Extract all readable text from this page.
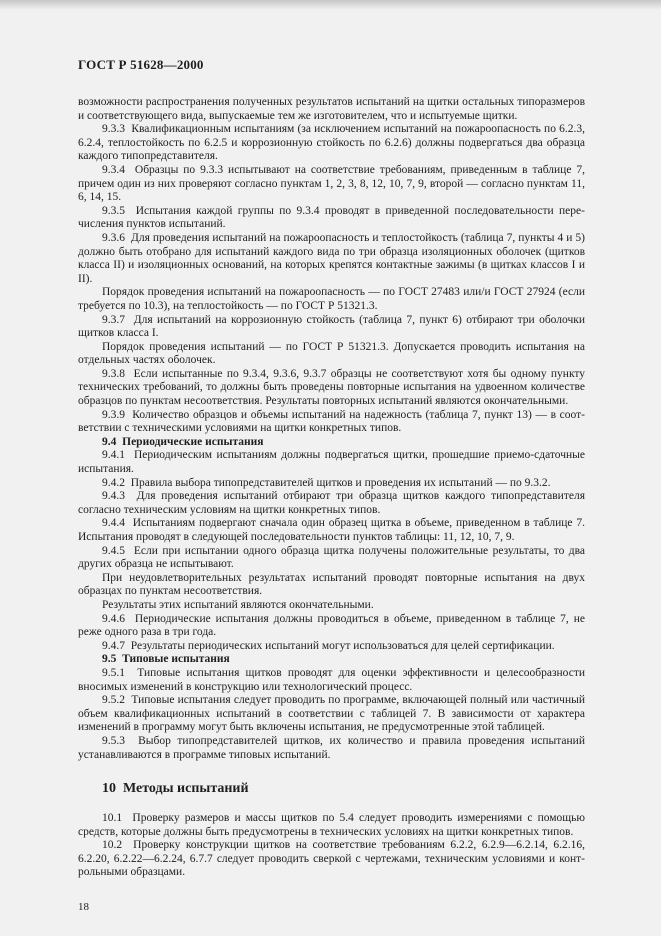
ГОСТ Р 51628—2000
возможности распространения полученных результатов испытаний на щитки остальных типоразмеров и соответствующего вида, выпускаемые тем же изготовителем, что и испытуемые щитки.
9.3.3  Квалификационным испытаниям (за исключением испытаний на пожароопасность по 6.2.3, 6.2.4, теплостойкость по 6.2.5 и коррозионную стойкость по 6.2.6) должны подвергаться два образца каждого типопредставителя.
9.3.4  Образцы по 9.3.3 испытывают на соответствие требованиям, приведенным в таблице 7, причем один из них проверяют согласно пунктам 1, 2, 3, 8, 12, 10, 7, 9, второй — согласно пунктам 11, 6, 14, 15.
9.3.5  Испытания каждой группы по 9.3.4 проводят в приведенной последовательности перечисления пунктов испытаний.
9.3.6  Для проведения испытаний на пожароопасность и теплостойкость (таблица 7, пункты 4 и 5) должно быть отобрано для испытаний каждого вида по три образца изоляционных оболочек (щитков класса II) и изоляционных оснований, на которых крепятся контактные зажимы (в щитках классов I и II).
Порядок проведения испытаний на пожароопасность — по ГОСТ 27483 или/и ГОСТ 27924 (если требуется по 10.3), на теплостойкость — по ГОСТ Р 51321.3.
9.3.7  Для испытаний на коррозионную стойкость (таблица 7, пункт 6) отбирают три оболочки щитков класса I.
Порядок проведения испытаний — по ГОСТ Р 51321.3. Допускается проводить испытания на отдельных частях оболочек.
9.3.8  Если испытанные по 9.3.4, 9.3.6, 9.3.7 образцы не соответствуют хотя бы одному пункту технических требований, то должны быть проведены повторные испытания на удвоенном количестве образцов по пунктам несоответствия. Результаты повторных испытаний являются окончательными.
9.3.9  Количество образцов и объемы испытаний на надежность (таблица 7, пункт 13) — в соответствии с техническими условиями на щитки конкретных типов.
9.4  Периодические испытания
9.4.1  Периодическим испытаниям должны подвергаться щитки, прошедшие приемо-сдаточные испытания.
9.4.2  Правила выбора типопредставителей щитков и проведения их испытаний — по 9.3.2.
9.4.3  Для проведения испытаний отбирают три образца щитков каждого типопредставителя согласно техническим условиям на щитки конкретных типов.
9.4.4  Испытаниям подвергают сначала один образец щитка в объеме, приведенном в таблице 7. Испытания проводят в следующей последовательности пунктов таблицы: 11, 12, 10, 7, 9.
9.4.5  Если при испытании одного образца щитка получены положительные результаты, то два других образца не испытывают.
При неудовлетворительных результатах испытаний проводят повторные испытания на двух образцах по пунктам несоответствия.
Результаты этих испытаний являются окончательными.
9.4.6  Периодические испытания должны проводиться в объеме, приведенном в таблице 7, не реже одного раза в три года.
9.4.7  Результаты периодических испытаний могут использоваться для целей сертификации.
9.5  Типовые испытания
9.5.1  Типовые испытания щитков проводят для оценки эффективности и целесообразности вносимых изменений в конструкцию или технологический процесс.
9.5.2  Типовые испытания следует проводить по программе, включающей полный или частичный объем квалификационных испытаний в соответствии с таблицей 7. В зависимости от характера изменений в программу могут быть включены испытания, не предусмотренные этой таблицей.
9.5.3  Выбор типопредставителей щитков, их количество и правила проведения испытаний устанавливаются в программе типовых испытаний.
10  Методы испытаний
10.1  Проверку размеров и массы щитков по 5.4 следует проводить измерениями с помощью средств, которые должны быть предусмотрены в технических условиях на щитки конкретных типов.
10.2  Проверку конструкции щитков на соответствие требованиям 6.2.2, 6.2.9—6.2.14, 6.2.16, 6.2.20, 6.2.22—6.2.24, 6.7.7 следует проводить сверкой с чертежами, техническим условиями и контрольными образцами.
18
